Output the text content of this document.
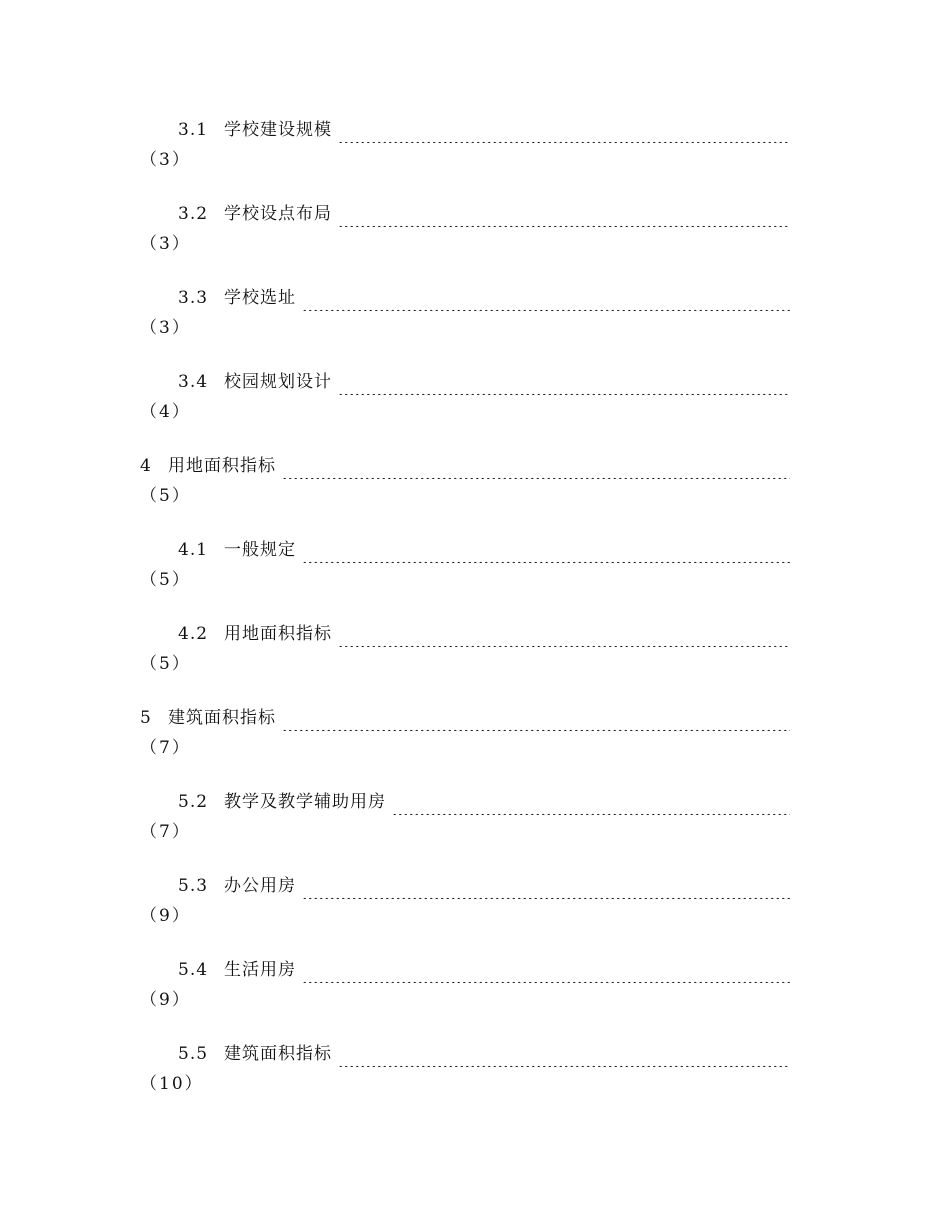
3.1 学校建设规模
（3）
3.2 学校设点布局
（3）
3.3 学校选址
（3）
3.4 校园规划设计
（4）
4 用地面积指标
（5）
4.1 一般规定
（5）
4.2 用地面积指标
（5）
5 建筑面积指标
（7）
5.2 教学及教学辅助用房
（7）
5.3 办公用房
（9）
5.4 生活用房
（9）
5.5 建筑面积指标
（10）
